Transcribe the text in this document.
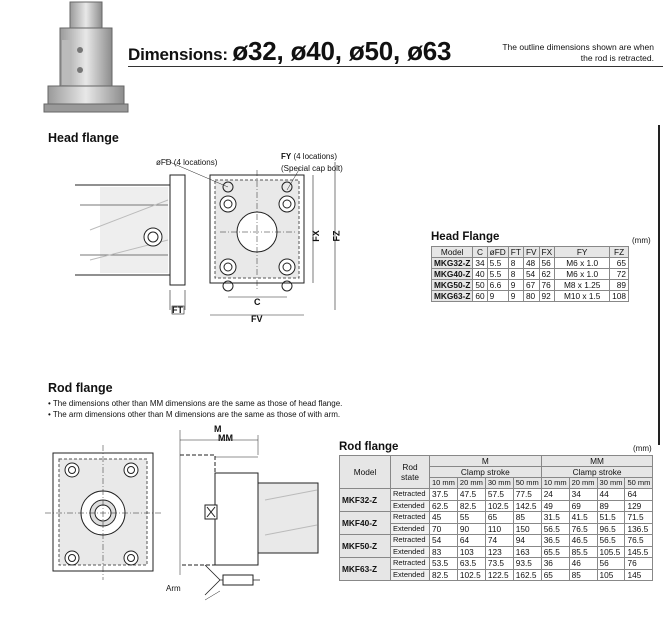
Dimensions: ø32, ø40, ø50, ø63	The outline dimensions shown are when
the rod is retracted.
Head flange
øFD (4 locations)
FY (4 locations)
(Special cap bolt)
FX FZ
C
FV
FT
Head Flange	(mm)
Model	C	øFD	FT	FV	FX	FY	FZ
MKG32-Z	34	5.5	8	48	56	M6 x 1.0	65
MKG40-Z	40	5.5	8	54	62	M6 x 1.0	72
MKG50-Z	50	6.6	9	67	76	M8 x 1.25	89
MKG63-Z	60	9	9	80	92	M10 x 1.5	108
Rod flange
• The dimensions other than MM dimensions are the same as those of head flange.
• The arm dimensions other than M dimensions are the same as those of with arm.
M
MM
Arm
Rod flange	(mm)
Model	Rod state	M				MM			
		Clamp stroke				Clamp stroke			
		10 mm	20 mm	30 mm	50 mm	10 mm	20 mm	30 mm	50 mm
MKF32-Z	Retracted	37.5	47.5	57.5	77.5	24	34	44	64
	Extended	62.5	82.5	102.5	142.5	49	69	89	129
MKF40-Z	Retracted	45	55	65	85	31.5	41.5	51.5	71.5
	Extended	70	90	110	150	56.5	76.5	96.5	136.5
MKF50-Z	Retracted	54	64	74	94	36.5	46.5	56.5	76.5
	Extended	83	103	123	163	65.5	85.5	105.5	145.5
MKF63-Z	Retracted	53.5	63.5	73.5	93.5	36	46	56	76
	Extended	82.5	102.5	122.5	162.5	65	85	105	145
